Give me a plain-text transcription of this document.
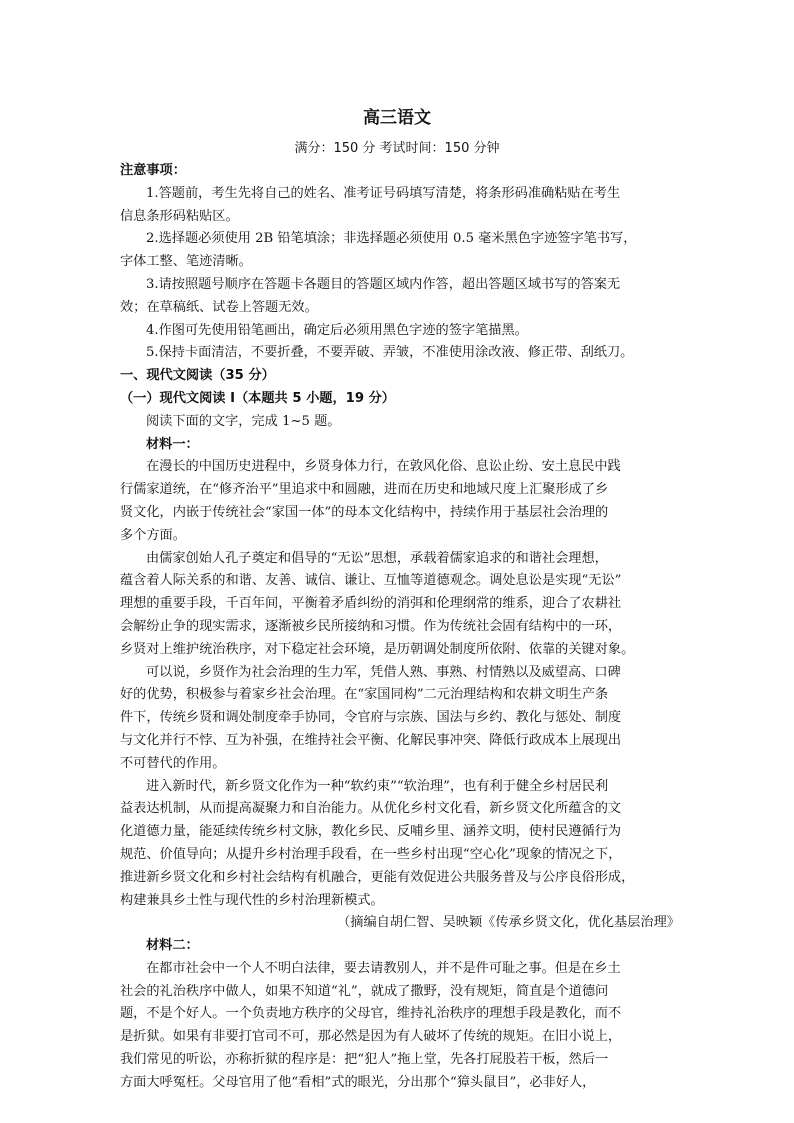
高三语文
满分：150 分 考试时间：150 分钟
注意事项：
1.答题前，考生先将自己的姓名、准考证号码填写清楚，将条形码准确粘贴在考生
信息条形码粘贴区。
2.选择题必须使用 2B 铅笔填涂；非选择题必须使用 0.5 毫米黑色字迹签字笔书写，
字体工整、笔迹清晰。
3.请按照题号顺序在答题卡各题目的答题区域内作答，超出答题区域书写的答案无
效；在草稿纸、试卷上答题无效。
4.作图可先使用铅笔画出，确定后必须用黑色字迹的签字笔描黑。
5.保持卡面清洁，不要折叠，不要弄破、弄皱，不准使用涂改液、修正带、刮纸刀。
一、现代文阅读（35 分）
（一）现代文阅读 I（本题共 5 小题，19 分）
阅读下面的文字，完成 1~5 题。
材料一：
在漫长的中国历史进程中，乡贤身体力行，在敦风化俗、息讼止纷、安土息民中践
行儒家道统，在“修齐治平”里追求中和圆融，进而在历史和地域尺度上汇聚形成了乡
贤文化，内嵌于传统社会“家国一体”的母本文化结构中，持续作用于基层社会治理的
多个方面。
由儒家创始人孔子奠定和倡导的“无讼”思想，承载着儒家追求的和谐社会理想，
蕴含着人际关系的和谐、友善、诚信、谦让、互恤等道德观念。调处息讼是实现“无讼”
理想的重要手段，千百年间，平衡着矛盾纠纷的消弭和伦理纲常的维系，迎合了农耕社
会解纷止争的现实需求，逐渐被乡民所接纳和习惯。作为传统社会固有结构中的一环，
乡贤对上维护统治秩序，对下稳定社会环境，是历朝调处制度所依附、依靠的关键对象。
可以说，乡贤作为社会治理的生力军，凭借人熟、事熟、村情熟以及威望高、口碑
好的优势，积极参与着家乡社会治理。在“家国同构”二元治理结构和农耕文明生产条
件下，传统乡贤和调处制度牵手协同，令官府与宗族、国法与乡约、教化与惩处、制度
与文化并行不悖、互为补强，在维持社会平衡、化解民事冲突、降低行政成本上展现出
不可替代的作用。
进入新时代，新乡贤文化作为一种“软约束”“软治理”，也有利于健全乡村居民利
益表达机制，从而提高凝聚力和自治能力。从优化乡村文化看，新乡贤文化所蕴含的文
化道德力量，能延续传统乡村文脉，教化乡民、反哺乡里、涵养文明，使村民遵循行为
规范、价值导向；从提升乡村治理手段看，在一些乡村出现“空心化”现象的情况之下，
推进新乡贤文化和乡村社会结构有机融合，更能有效促进公共服务普及与公序良俗形成，
构建兼具乡土性与现代性的乡村治理新模式。
（摘编自胡仁智、吴映颖《传承乡贤文化，优化基层治理》
材料二：
在都市社会中一个人不明白法律，要去请教别人，并不是件可耻之事。但是在乡土
社会的礼治秩序中做人，如果不知道“礼”，就成了撒野，没有规矩，简直是个道德问
题，不是个好人。一个负责地方秩序的父母官，维持礼治秩序的理想手段是教化，而不
是折狱。如果有非要打官司不可，那必然是因为有人破坏了传统的规矩。在旧小说上，
我们常见的听讼，亦称折狱的程序是：把“犯人”拖上堂，先各打屁股若干板，然后一
方面大呼冤枉。父母官用了他“看相”式的眼光，分出那个“獐头鼠目”，必非好人，
